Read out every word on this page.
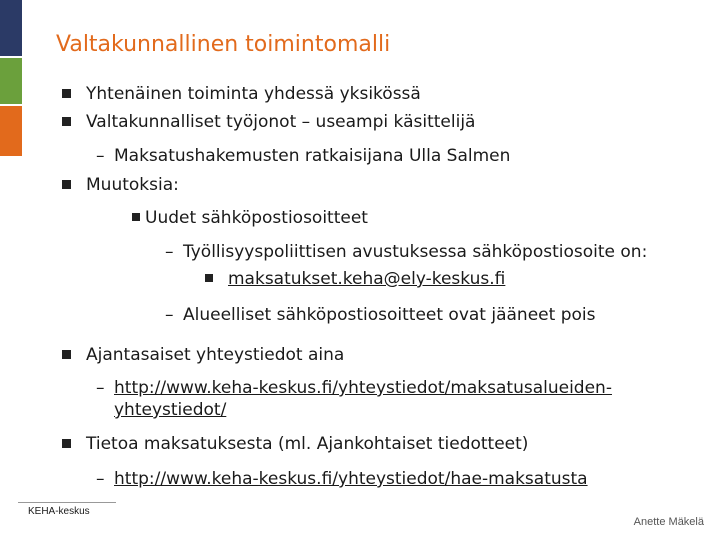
Valtakunnallinen toimintomalli
Yhtenäinen toiminta yhdessä yksikössä
Valtakunnalliset työjonot – useampi käsittelijä
– Maksatushakemusten ratkaisijana Ulla Salmen
Muutoksia:
Uudet sähköpostiosoitteet
– Työllisyyspoliittisen avustuksessa sähköpostiosoite on:
maksatukset.keha@ely-keskus.fi
– Alueelliset sähköpostiosoitteet ovat jääneet pois
Ajantasaiset yhteystiedot aina
– http://www.keha-keskus.fi/yhteystiedot/maksatusalueiden-
yhteystiedot/
Tietoa maksatuksesta (ml. Ajankohtaiset tiedotteet)
– http://www.keha-keskus.fi/yhteystiedot/hae-maksatusta
KEHA-keskus
Anette Mäkelä
